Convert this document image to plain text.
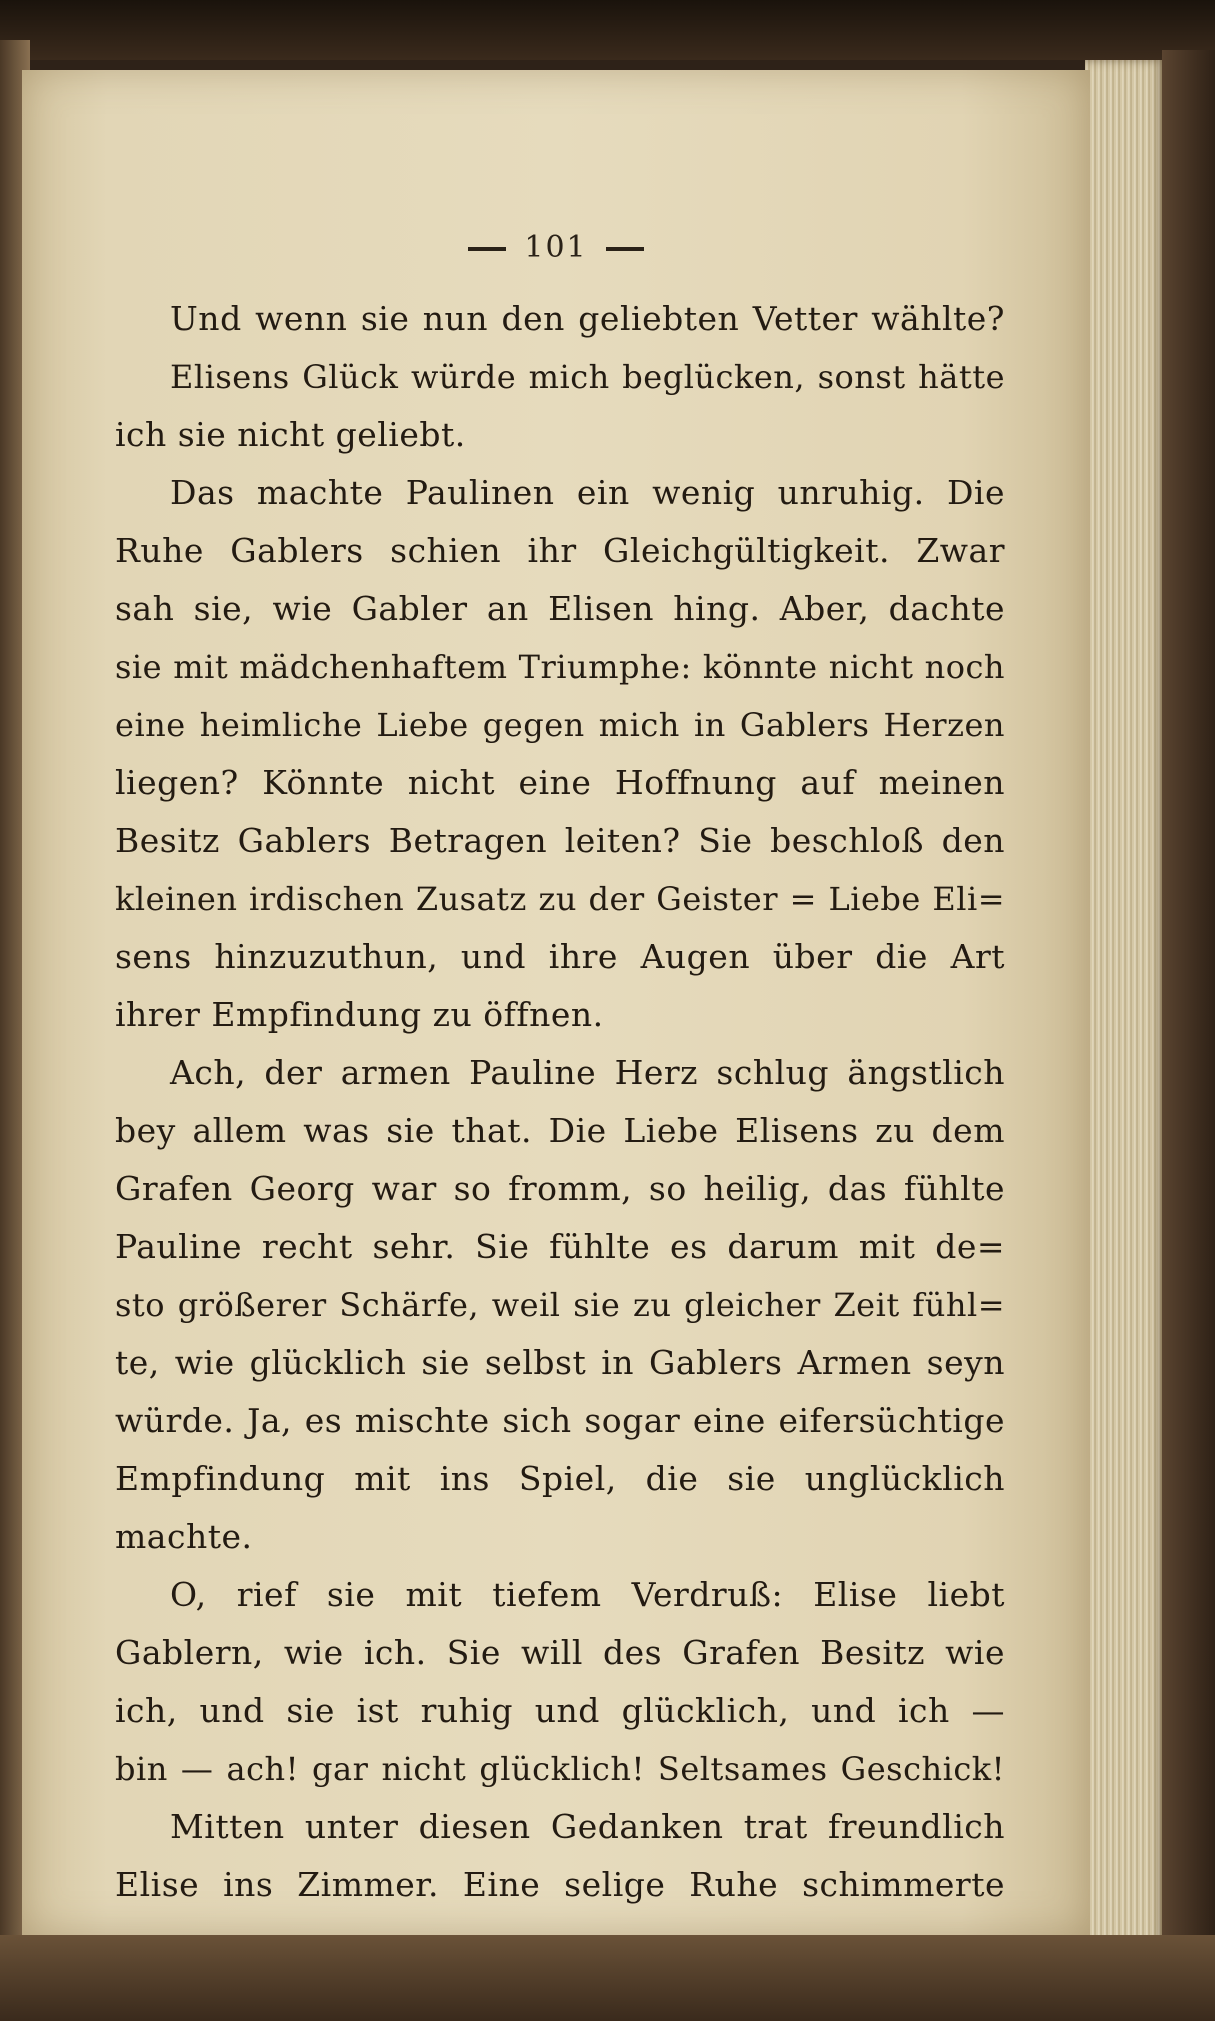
101
Und wenn sie nun den geliebten Vetter wählte?
Elisens Glück würde mich beglücken, sonst hätte
ich sie nicht geliebt.
Das machte Paulinen ein wenig unruhig. Die
Ruhe Gablers schien ihr Gleichgültigkeit. Zwar
sah sie, wie Gabler an Elisen hing. Aber, dachte
sie mit mädchenhaftem Triumphe: könnte nicht noch
eine heimliche Liebe gegen mich in Gablers Herzen
liegen? Könnte nicht eine Hoffnung auf meinen
Besitz Gablers Betragen leiten? Sie beschloß den
kleinen irdischen Zusatz zu der Geister = Liebe Eli=
sens hinzuzuthun, und ihre Augen über die Art
ihrer Empfindung zu öffnen.
Ach, der armen Pauline Herz schlug ängstlich
bey allem was sie that. Die Liebe Elisens zu dem
Grafen Georg war so fromm, so heilig, das fühlte
Pauline recht sehr. Sie fühlte es darum mit de=
sto größerer Schärfe, weil sie zu gleicher Zeit fühl=
te, wie glücklich sie selbst in Gablers Armen seyn
würde. Ja, es mischte sich sogar eine eifersüchtige
Empfindung mit ins Spiel, die sie unglücklich
machte.
O, rief sie mit tiefem Verdruß: Elise liebt
Gablern, wie ich. Sie will des Grafen Besitz wie
ich, und sie ist ruhig und glücklich, und ich —
bin — ach! gar nicht glücklich! Seltsames Geschick!
Mitten unter diesen Gedanken trat freundlich
Elise ins Zimmer. Eine selige Ruhe schimmerte
